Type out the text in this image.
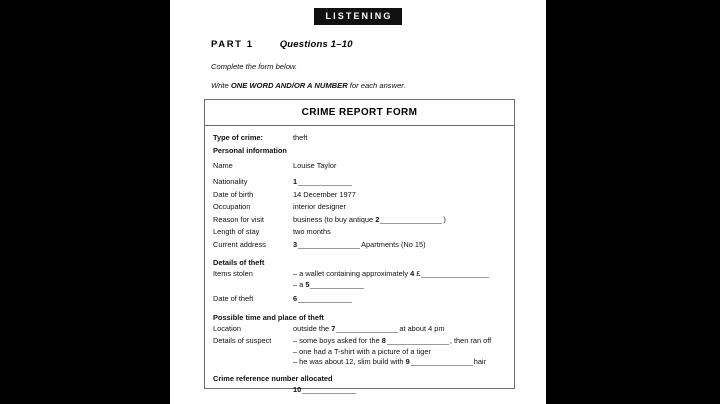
LISTENING
PART 1	Questions 1–10
Complete the form below.
Write ONE WORD AND/OR A NUMBER for each answer.
CRIME REPORT FORM
Type of crime:	theft
Personal information
Name	Louise Taylor
Nationality	1
Date of birth	14 December 1977
Occupation	interior designer
Reason for visit	business (to buy antique 2	)
Length of stay	two months
Current address	3	Apartments (No 15)
Details of theft
Items stolen	– a wallet containing approximately 4 £
– a 5
Date of theft	6
Possible time and place of theft
Location	outside the 7	at about 4 pm
Details of suspect	– some boys asked for the 8	, then ran off
– one had a T-shirt with a picture of a tiger
– he was about 12, slim build with 9	hair
Crime reference number allocated
10
